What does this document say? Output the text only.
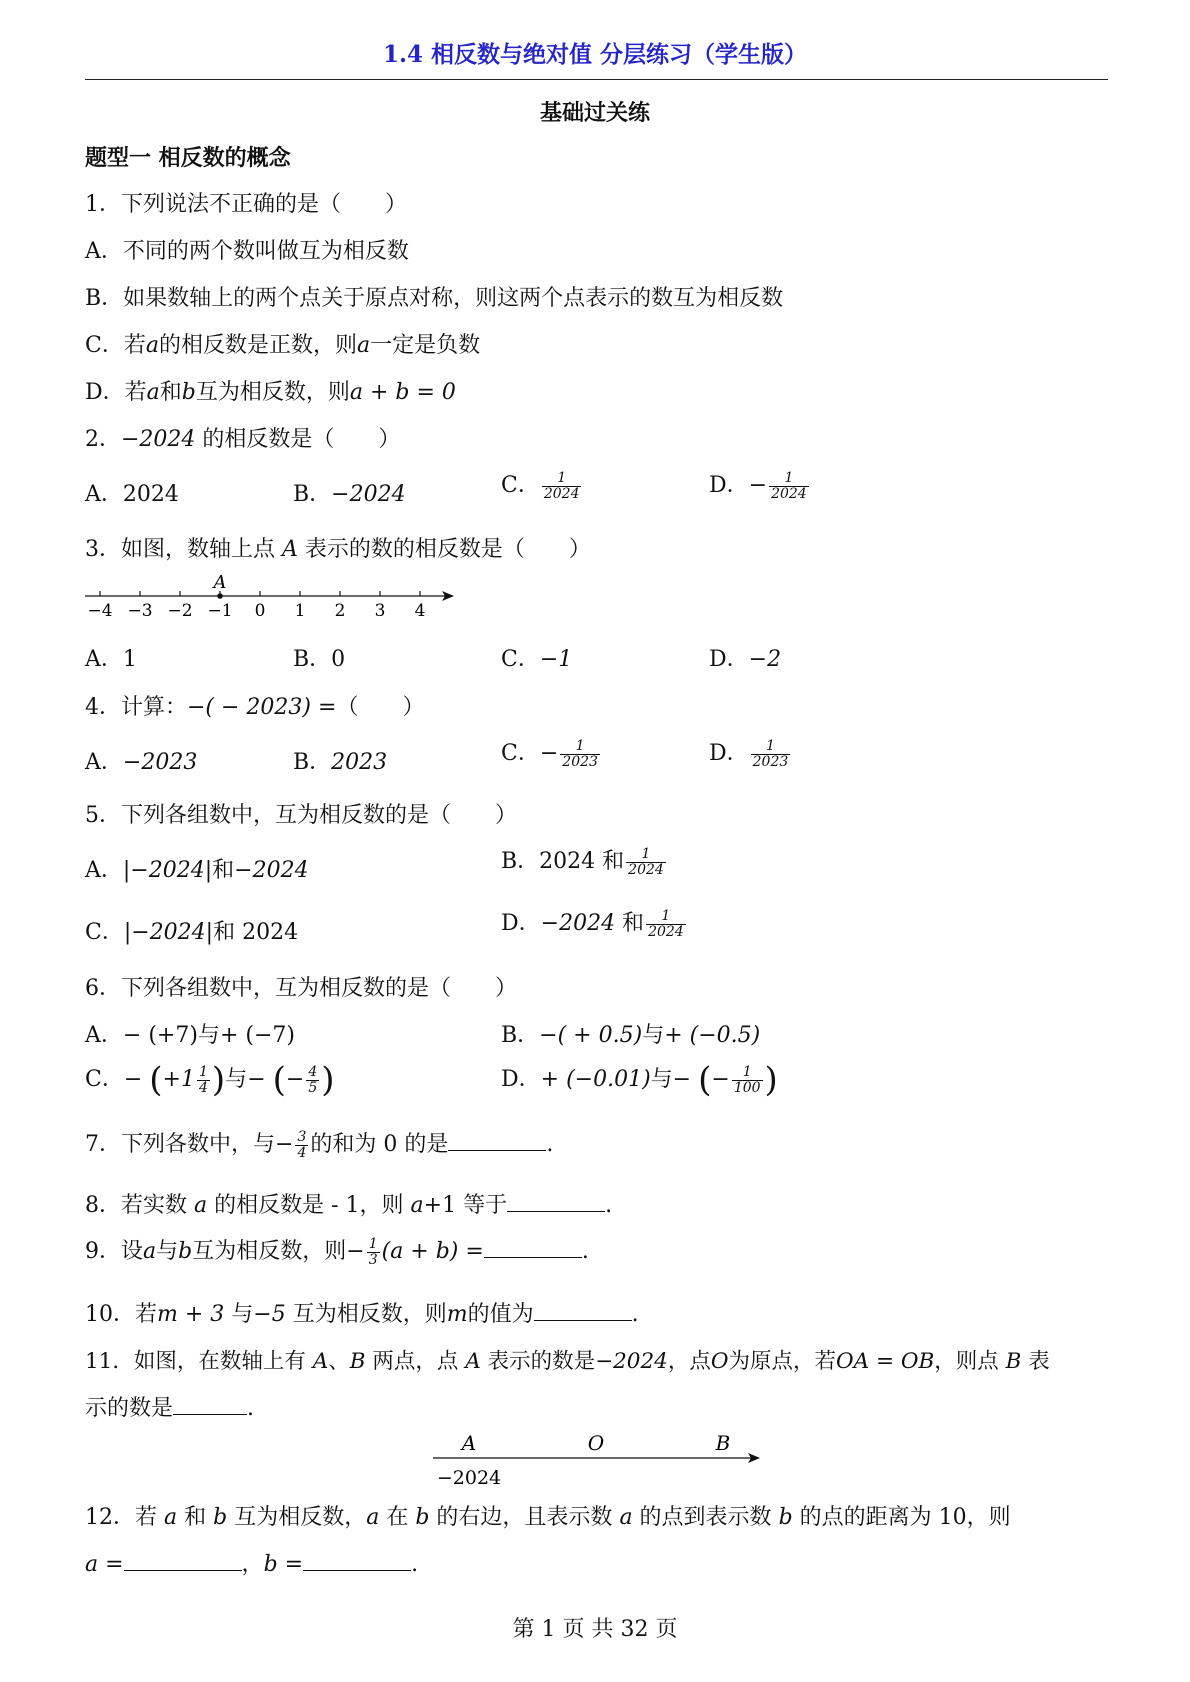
1.4 相反数与绝对值 分层练习（学生版）
基础过关练
题型一 相反数的概念
1．下列说法不正确的是（　　）
A．不同的两个数叫做互为相反数
B．如果数轴上的两个点关于原点对称，则这两个点表示的数互为相反数
C．若a的相反数是正数，则a一定是负数
D．若a和b互为相反数，则a + b = 0
2．−2024 的相反数是（　　）
A．2024	B．−2024	C． $\frac{1}{2024}$	D．− $\frac{1}{2024}$
3．如图，数轴上点 A 表示的数的相反数是（　　）
−4 −3 −2 −1 0 1 2 3 4
A
A．1	B．0	C．−1	D．−2
4．计算：−( − 2023) =（　　）
A．−2023	B．2023	C．− $\frac{1}{2023}$	D． $\frac{1}{2023}$
5．下列各组数中，互为相反数的是（　　）
A．|−2024|和−2024	B．2024 和 $\frac{1}{2024}$
C．|−2024|和 2024	D．−2024 和 $\frac{1}{2024}$
6．下列各组数中，互为相反数的是（　　）
A．− (+7)与+ (−7)	B．−( + 0.5)与+ (−0.5)
C．− ($+1 \frac{1}{4}$ )与− (− $\frac{4}{5}$ )	D．+ (−0.01)与− (− $\frac{1}{100}$ )
7．下列各数中，与− $\frac{3}{4}$ 的和为 0 的是	.
8．若实数 a 的相反数是 - 1，则 a+1 等于	.
9．设a与b互为相反数，则− $\frac{1}{3} (a + b)$ =	.
10．若m + 3 与−5 互为相反数，则m的值为	.
11．如图，在数轴上有 A、B 两点，点 A 表示的数是−2024，点O为原点，若OA = OB，则点 B 表
示的数是	.
A	O	B
−2024
12．若 a 和 b 互为相反数，a 在 b 的右边，且表示数 a 的点到表示数 b 的点的距离为 10，则
a =	，b =	.
第 1 页 共 32 页
